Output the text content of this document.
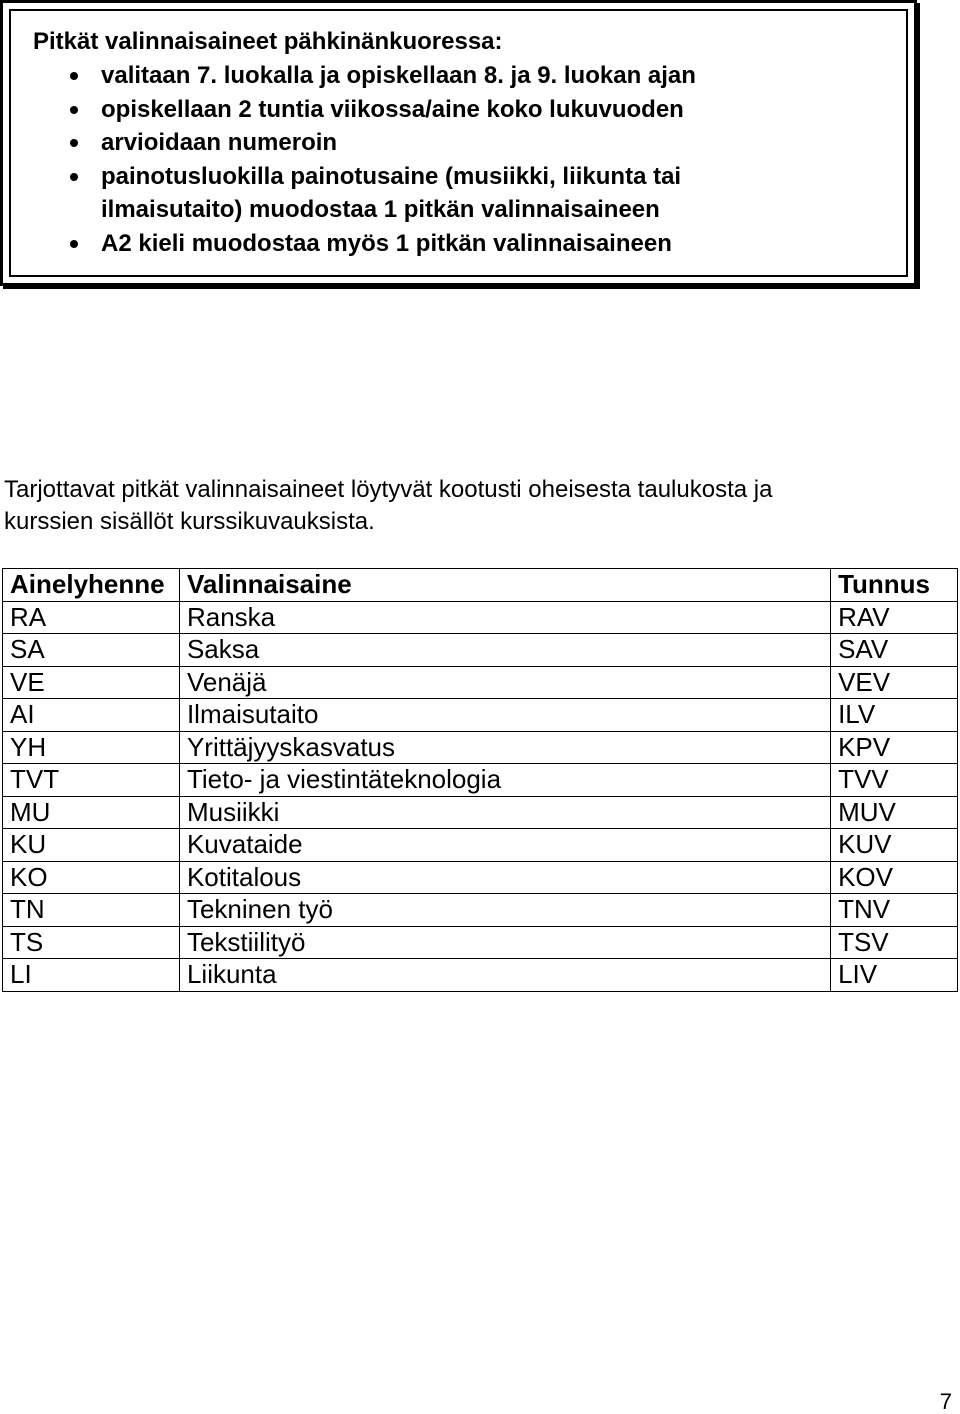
Pitkät valinnaisaineet pähkinänkuoressa:

valitaan 7. luokalla ja opiskellaan 8. ja 9. luokan ajan
opiskellaan 2 tuntia viikossa/aine koko lukuvuoden
arvioidaan numeroin
painotusluokilla painotusaine (musiikki, liikunta tai
ilmaisutaito) muodostaa 1 pitkän valinnaisaineen
A2 kieli muodostaa myös 1 pitkän valinnaisaineen

Tarjottavat pitkät valinnaisaineet löytyvät kootusti oheisesta taulukosta ja
kurssien sisällöt kurssikuvauksista.

Ainelyhenne	Valinnaisaine	Tunnus
RA	Ranska	RAV
SA	Saksa	SAV
VE	Venäjä	VEV
AI	Ilmaisutaito	ILV
YH	Yrittäjyyskasvatus	KPV
TVT	Tieto- ja viestintäteknologia	TVV
MU	Musiikki	MUV
KU	Kuvataide	KUV
KO	Kotitalous	KOV
TN	Tekninen työ	TNV
TS	Tekstiilityö	TSV
LI	Liikunta	LIV
7
